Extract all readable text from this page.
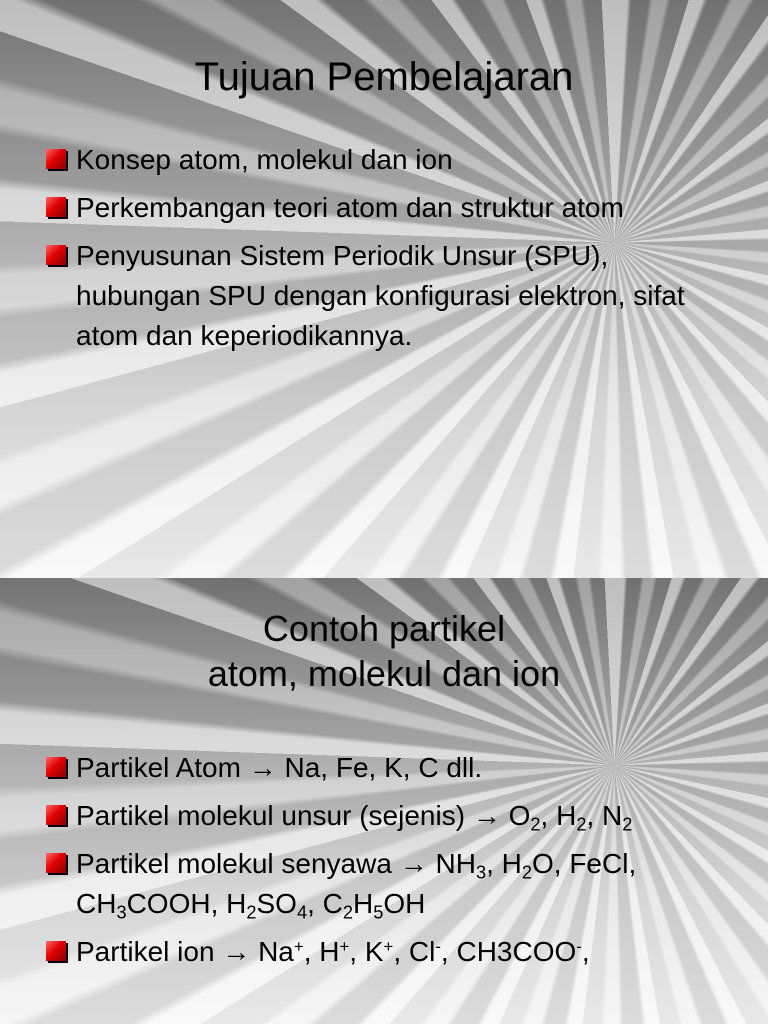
Tujuan Pembelajaran
Konsep atom, molekul dan ion
Perkembangan teori atom dan struktur atom
Penyusunan Sistem Periodik Unsur (SPU), hubungan SPU dengan konfigurasi elektron, sifat atom dan keperiodikannya.
Contoh partikel
atom, molekul dan ion
Partikel Atom → Na, Fe, K, C dll.
Partikel molekul unsur (sejenis) → $O_2$, $H_2$, $N_2$
Partikel molekul senyawa → $NH_3$, $H_2O$, FeCl, $CH_3COOH$, $H_2SO_4$, $C_2H_5OH$
Partikel ion → Na+, H+, K+, Cl-, CH3COO-,
